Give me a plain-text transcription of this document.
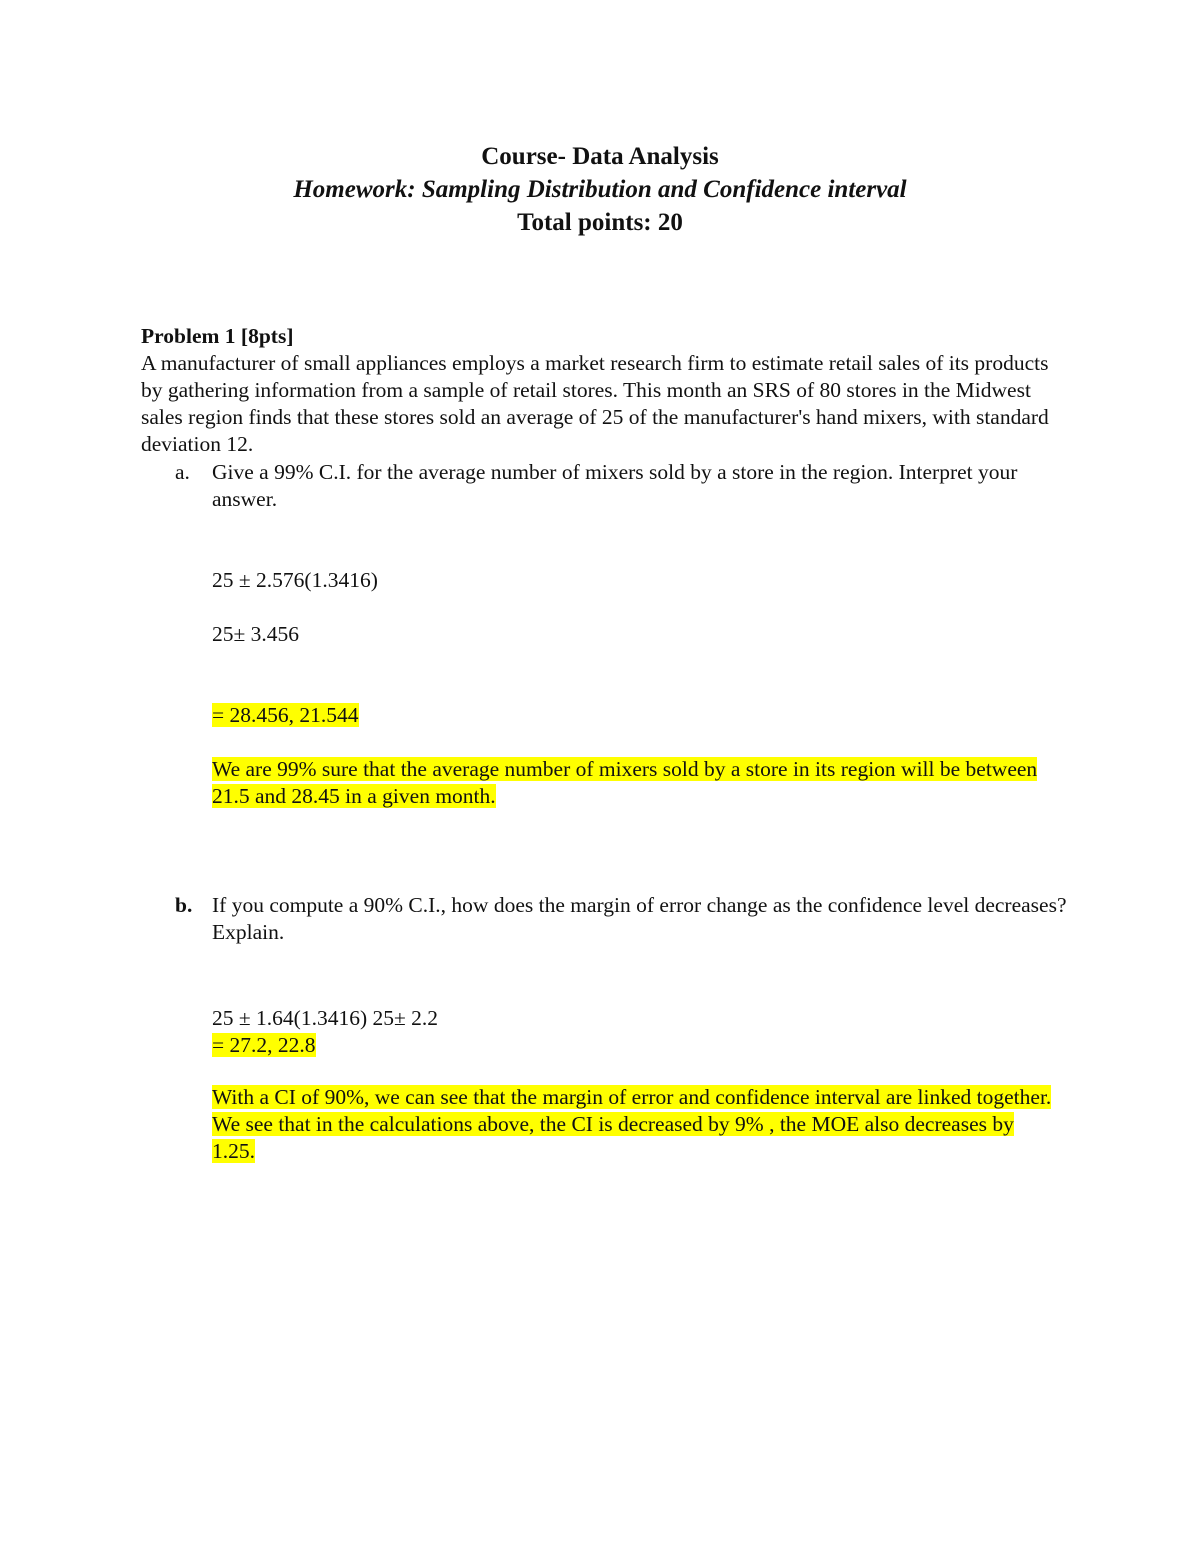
Course- Data Analysis
Homework: Sampling Distribution and Confidence interval
Total points: 20
Problem 1 [8pts]
A manufacturer of small appliances employs a market research firm to estimate retail sales of its products by gathering information from a sample of retail stores. This month an SRS of 80 stores in the Midwest sales region finds that these stores sold an average of 25 of the manufacturer's hand mixers, with standard deviation 12.
a. Give a 99% C.I. for the average number of mixers sold by a store in the region. Interpret your answer.
25 ± 2.576(1.3416)
25± 3.456
= 28.456, 21.544
We are 99% sure that the average number of mixers sold by a store in its region will be between 21.5 and 28.45 in a given month.
b. If you compute a 90% C.I., how does the margin of error change as the confidence level decreases? Explain.
25 ± 1.64(1.3416) 25± 2.2
= 27.2, 22.8
With a CI of 90%, we can see that the margin of error and confidence interval are linked together. We see that in the calculations above, the CI is decreased by 9% , the MOE also decreases by 1.25.
